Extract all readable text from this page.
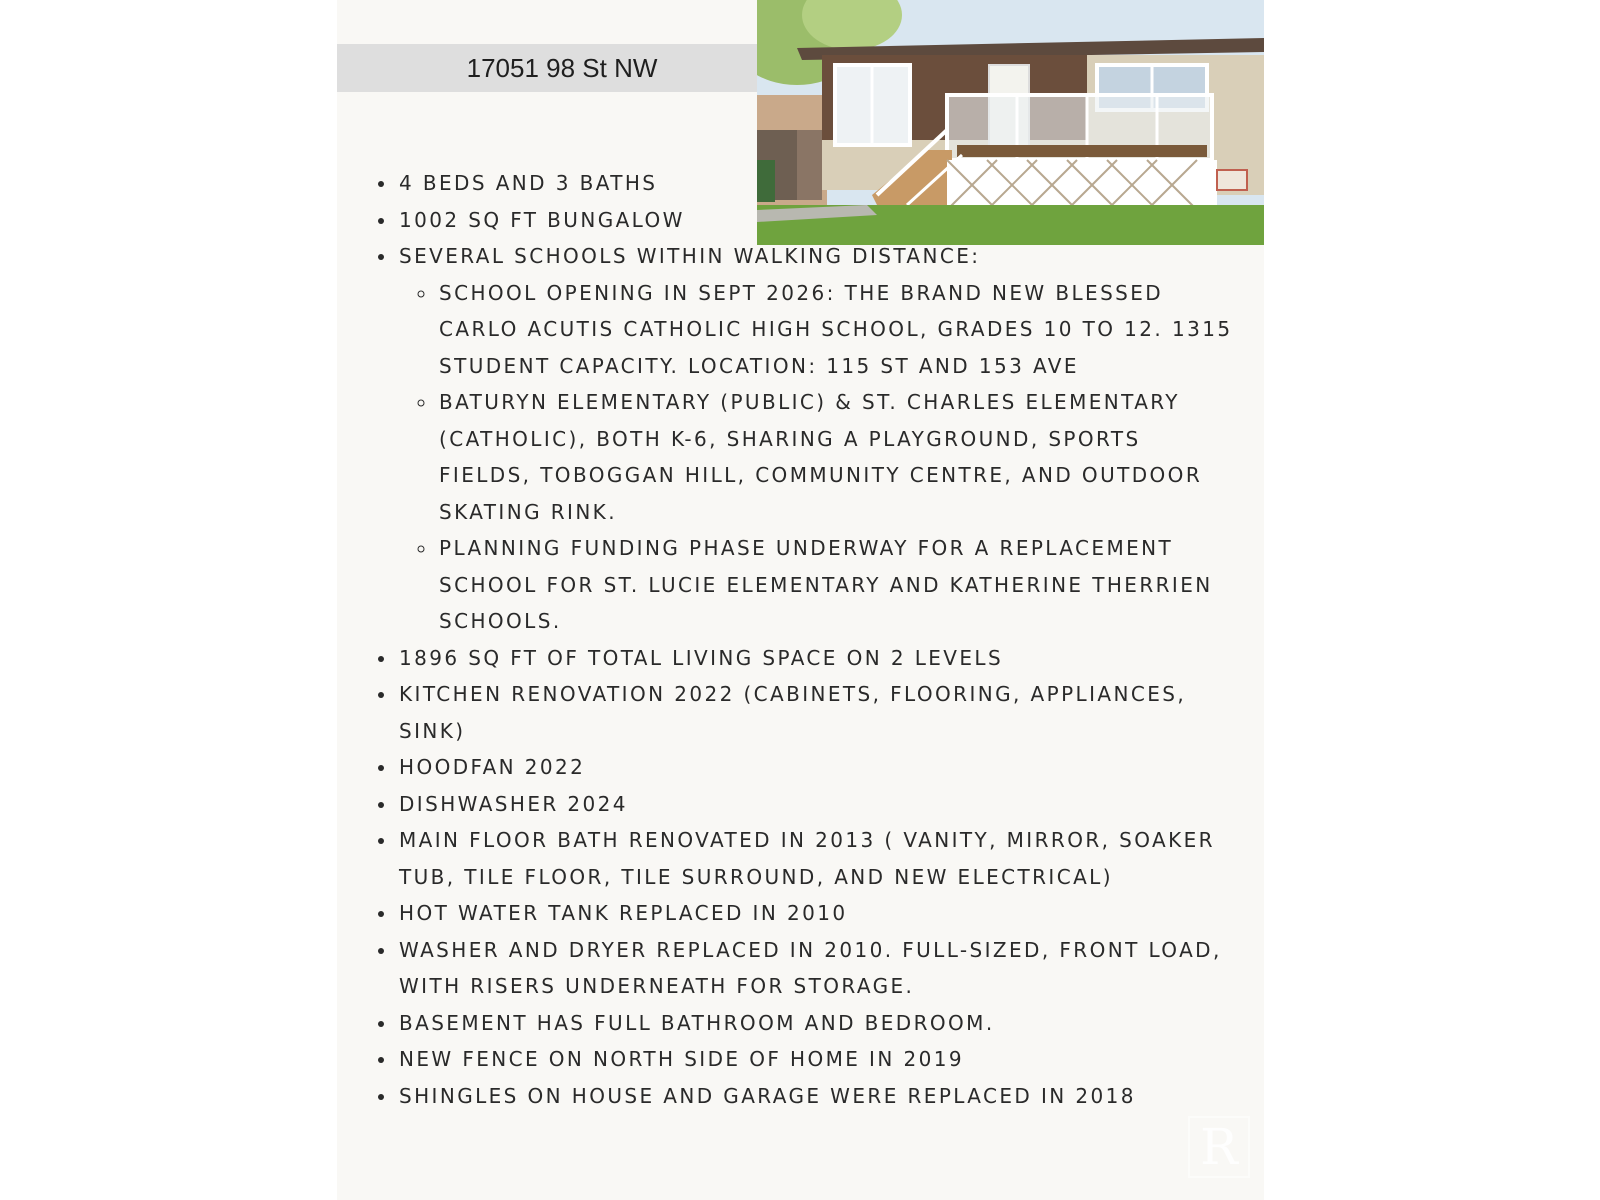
17051 98 St NW
• 4 BEDS AND 3 BATHS
• 1002 SQ FT BUNGALOW
• SEVERAL SCHOOLS WITHIN WALKING DISTANCE:
◦ SCHOOL OPENING IN SEPT 2026: THE BRAND NEW BLESSED CARLO ACUTIS CATHOLIC HIGH SCHOOL, GRADES 10 TO 12. 1315 STUDENT CAPACITY. LOCATION: 115 ST AND 153 AVE
◦ BATURYN ELEMENTARY (PUBLIC) & ST. CHARLES ELEMENTARY (CATHOLIC), BOTH K-6, SHARING A PLAYGROUND, SPORTS FIELDS, TOBOGGAN HILL, COMMUNITY CENTRE, AND OUTDOOR SKATING RINK.
◦ PLANNING FUNDING PHASE UNDERWAY FOR A REPLACEMENT SCHOOL FOR ST. LUCIE ELEMENTARY AND KATHERINE THERRIEN SCHOOLS.
• 1896 SQ FT OF TOTAL LIVING SPACE ON 2 LEVELS
• KITCHEN RENOVATION 2022 (CABINETS, FLOORING, APPLIANCES, SINK)
• HOODFAN 2022
• DISHWASHER 2024
• MAIN FLOOR BATH RENOVATED IN 2013 ( VANITY, MIRROR, SOAKER TUB, TILE FLOOR, TILE SURROUND, AND NEW ELECTRICAL)
• HOT WATER TANK REPLACED IN 2010
• WASHER AND DRYER REPLACED IN 2010. FULL-SIZED, FRONT LOAD, WITH RISERS UNDERNEATH FOR STORAGE.
• BASEMENT HAS FULL BATHROOM AND BEDROOM.
• NEW FENCE ON NORTH SIDE OF HOME IN 2019
• SHINGLES ON HOUSE AND GARAGE WERE REPLACED IN 2018
R
